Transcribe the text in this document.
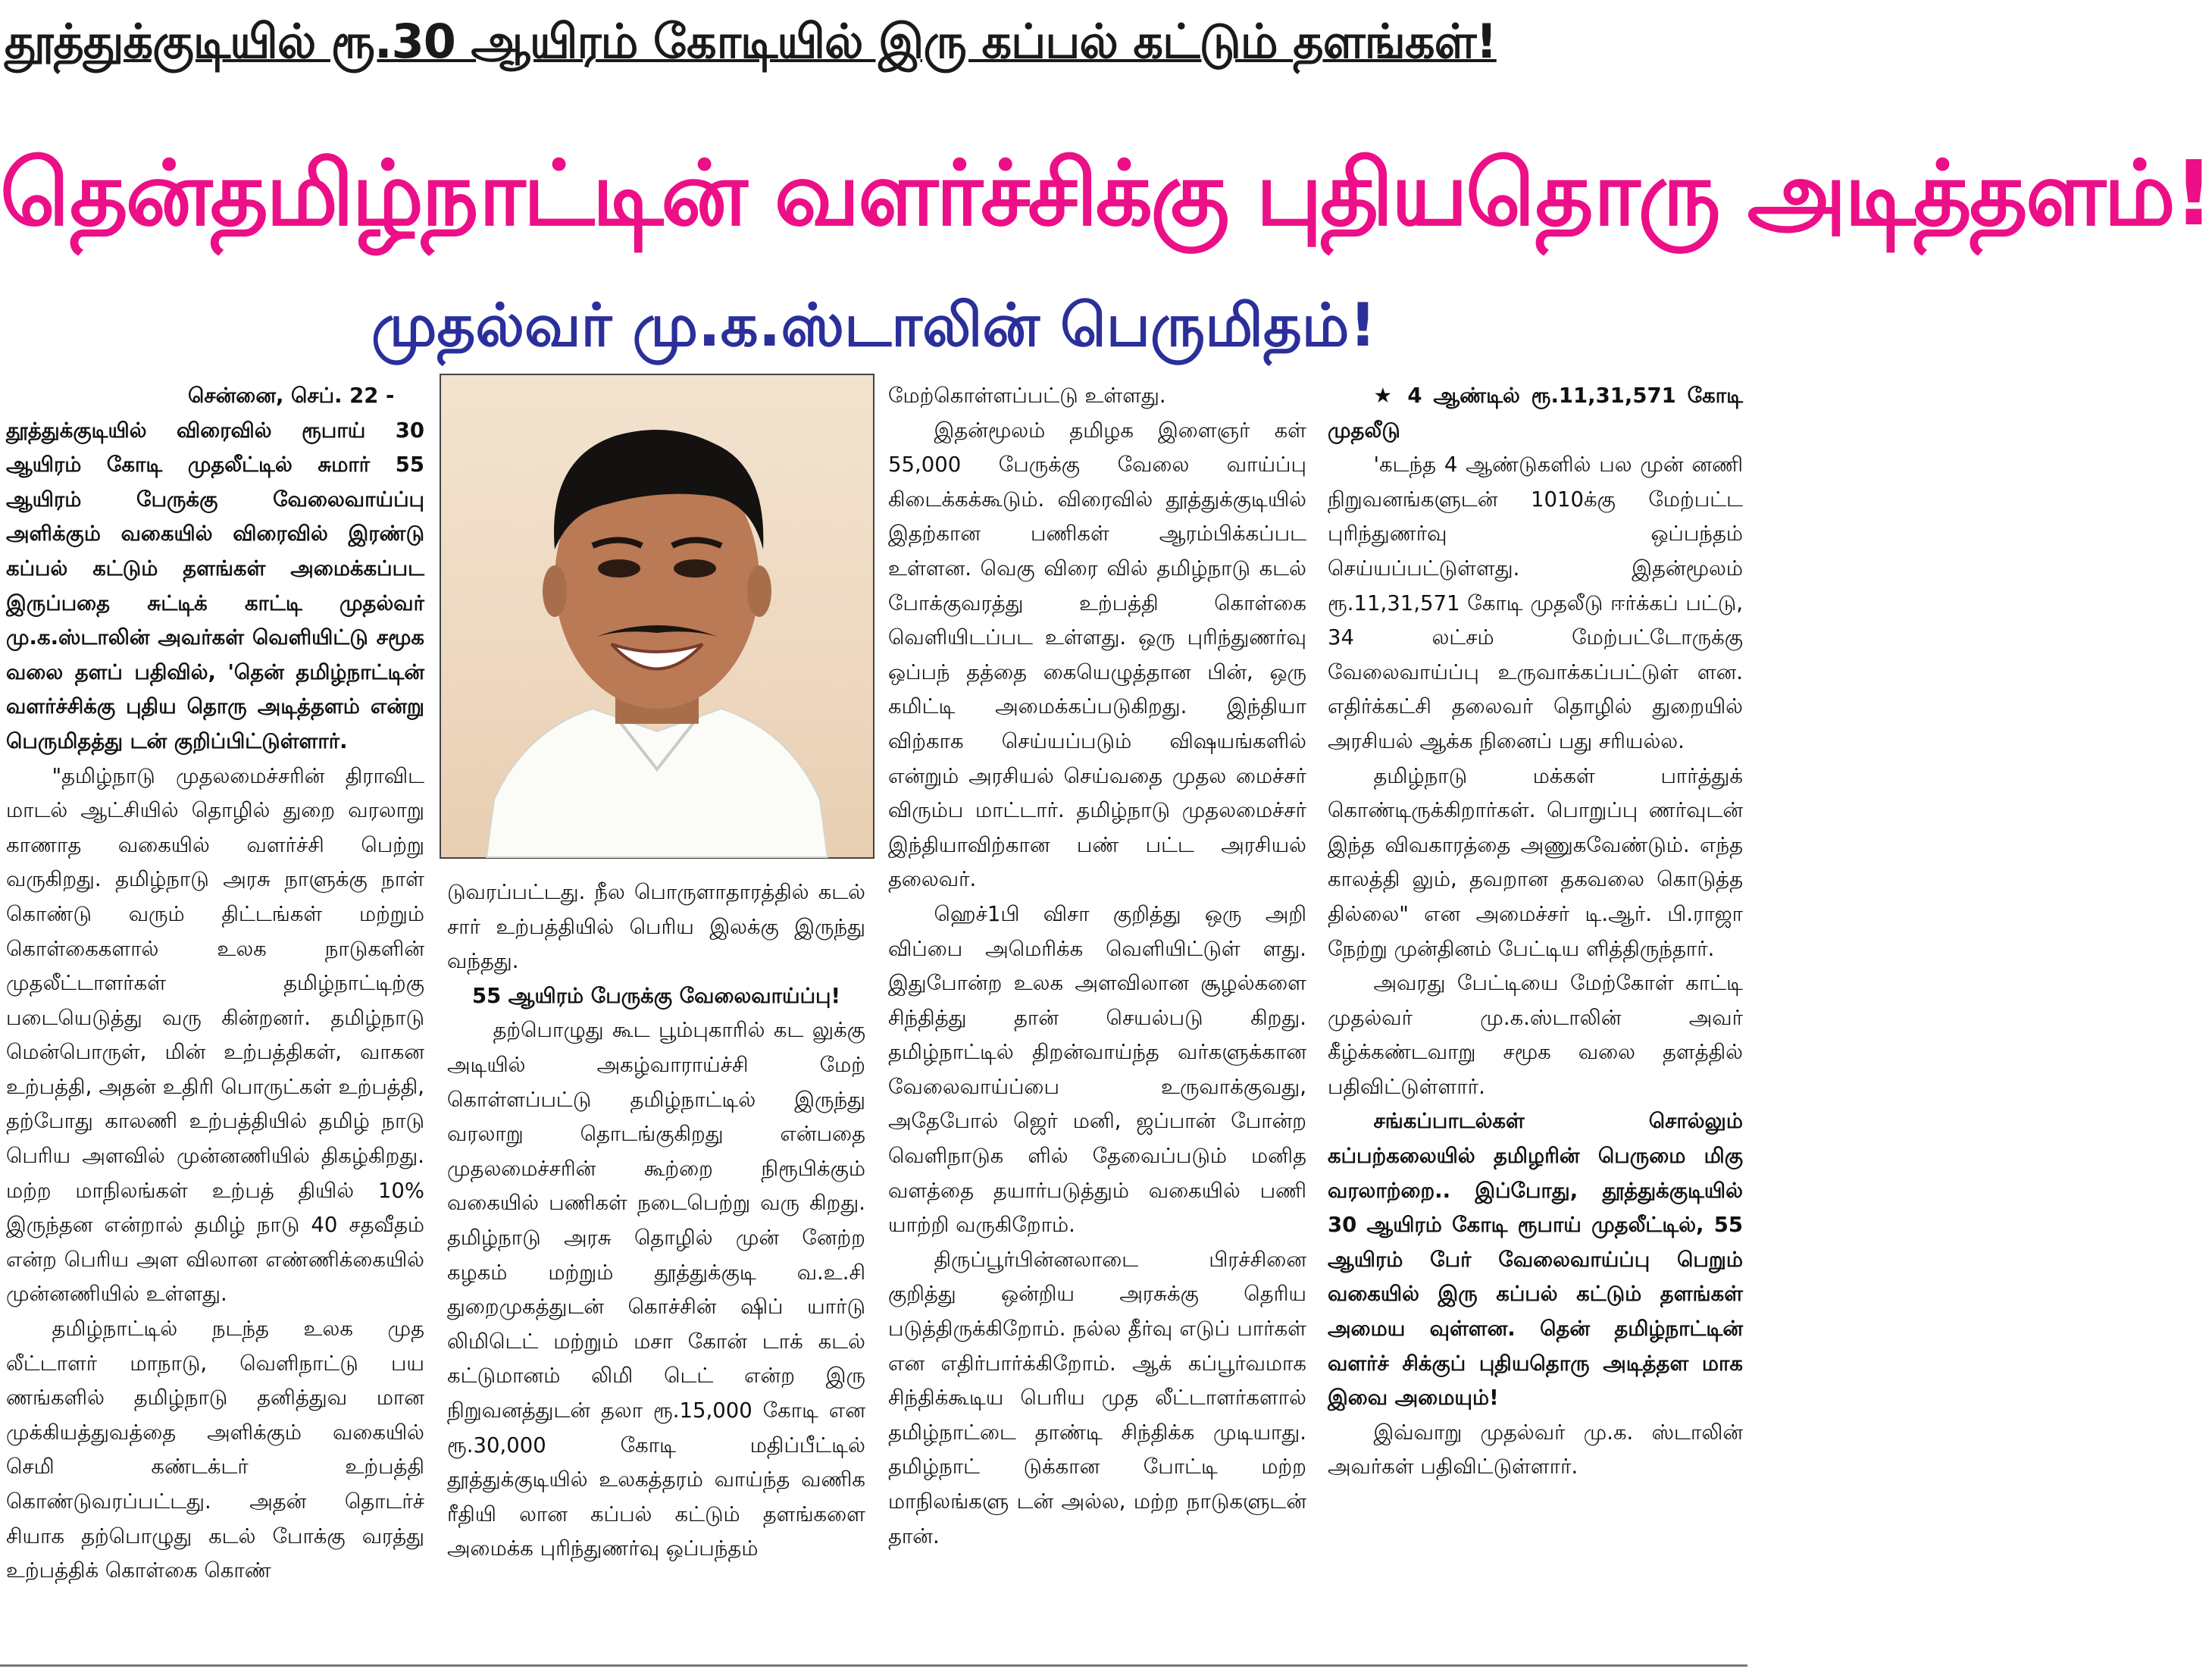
தூத்துக்குடியில் ரூ.30 ஆயிரம் கோடியில் இரு கப்பல் கட்டும் தளங்கள்!
தென்தமிழ்நாட்டின் வளர்ச்சிக்கு புதியதொரு அடித்தளம்!
முதல்வர் மு.க.ஸ்டாலின் பெருமிதம்!

சென்னை, செப். 22 -

தூத்துக்குடியில் விரைவில் ரூபாய் 30 ஆயிரம் கோடி முதலீட்டில் சுமார் 55 ஆயிரம் பேருக்கு வேலைவாய்ப்பு அளிக்கும் வகையில் விரைவில் இரண்டு கப்பல் கட்டும் தளங்கள் அமைக்கப்பட இருப்பதை சுட்டிக் காட்டி முதல்வர் மு.க.ஸ்டாலின் அவர்கள் வெளியிட்டு சமூக வலை தளப் பதிவில், 'தென் தமிழ்நாட்டின் வளர்ச்சிக்கு புதிய தொரு அடித்தளம் என்று பெருமிதத்து டன் குறிப்பிட்டுள்ளார்.

"தமிழ்நாடு முதலமைச்சரின் திராவிட மாடல் ஆட்சியில் தொழில் துறை வரலாறு காணாத வகையில் வளர்ச்சி பெற்று வருகிறது. தமிழ்நாடு அரசு நாளுக்கு நாள் கொண்டு வரும் திட்டங்கள் மற்றும் கொள்கைகளால் உலக நாடுகளின் முதலீட்டாளர்கள் தமிழ்நாட்டிற்கு படையெடுத்து வரு கின்றனர். தமிழ்நாடு மென்பொருள், மின் உற்பத்திகள், வாகன உற்பத்தி, அதன் உதிரி பொருட்கள் உற்பத்தி, தற்போது காலணி உற்பத்தியில் தமிழ் நாடு பெரிய அளவில் முன்னணியில் திகழ்கிறது. மற்ற மாநிலங்கள் உற்பத் தியில் 10% இருந்தன என்றால் தமிழ் நாடு 40 சதவீதம் என்ற பெரிய அள விலான எண்ணிக்கையில் முன்னணியில் உள்ளது.

தமிழ்நாட்டில் நடந்த உலக முத லீட்டாளர் மாநாடு, வெளிநாட்டு பய ணங்களில் தமிழ்நாடு தனித்துவ மான முக்கியத்துவத்தை அளிக்கும் வகையில் செமி கண்டக்டர் உற்பத்தி கொண்டுவரப்பட்டது. அதன் தொடர்ச் சியாக தற்பொழுது கடல் போக்கு வரத்து உற்பத்திக் கொள்கை கொண்

டுவரப்பட்டது. நீல பொருளாதாரத்தில் கடல் சார் உற்பத்தியில் பெரிய இலக்கு இருந்து வந்தது.

55 ஆயிரம் பேருக்கு வேலைவாய்ப்பு!

தற்பொழுது கூட பூம்புகாரில் கட லுக்கு அடியில் அகழ்வாராய்ச்சி மேற் கொள்ளப்பட்டு தமிழ்நாட்டில் இருந்து வரலாறு தொடங்குகிறது என்பதை முதலமைச்சரின் கூற்றை நிரூபிக்கும் வகையில் பணிகள் நடைபெற்று வரு கிறது. தமிழ்நாடு அரசு தொழில் முன் னேற்ற கழகம் மற்றும் தூத்துக்குடி வ.உ.சி துறைமுகத்துடன் கொச்சின் ஷிப் யார்டு லிமிடெட் மற்றும் மசா கோன் டாக் கடல் கட்டுமானம் லிமி டெட் என்ற இரு நிறுவனத்துடன் தலா ரூ.15,000 கோடி என ரூ.30,000 கோடி மதிப்பீட்டில் தூத்துக்குடியில் உலகத்தரம் வாய்ந்த வணிக ரீதியி லான கப்பல் கட்டும் தளங்களை அமைக்க புரிந்துணர்வு ஒப்பந்தம்

மேற்கொள்ளப்பட்டு உள்ளது.

இதன்மூலம் தமிழக இளைஞர் கள் 55,000 பேருக்கு வேலை வாய்ப்பு கிடைக்கக்கூடும். விரைவில் தூத்துக்குடியில் இதற்கான பணிகள் ஆரம்பிக்கப்பட உள்ளன. வெகு விரை வில் தமிழ்நாடு கடல் போக்குவரத்து உற்பத்தி கொள்கை வெளியிடப்பட உள்ளது. ஒரு புரிந்துணர்வு ஒப்பந் தத்தை கையெழுத்தான பின், ஒரு கமிட்டி அமைக்கப்படுகிறது. இந்தியா விற்காக செய்யப்படும் விஷயங்களில் என்றும் அரசியல் செய்வதை முதல மைச்சர் விரும்ப மாட்டார். தமிழ்நாடு முதலமைச்சர் இந்தியாவிற்கான பண் பட்ட அரசியல் தலைவர்.

ஹெச்1பி விசா குறித்து ஒரு அறி விப்பை அமெரிக்க வெளியிட்டுள் ளது. இதுபோன்ற உலக அளவிலான சூழல்களை சிந்தித்து தான் செயல்படு கிறது. தமிழ்நாட்டில் திறன்வாய்ந்த வர்களுக்கான வேலைவாய்ப்பை உருவாக்குவது, அதேபோல் ஜெர் மனி, ஜப்பான் போன்ற வெளிநாடுக ளில் தேவைப்படும் மனித வளத்தை தயார்படுத்தும் வகையில் பணி யாற்றி வருகிறோம்.

திருப்பூர்பின்னலாடை பிரச்சினை குறித்து ஒன்றிய அரசுக்கு தெரிய படுத்திருக்கிறோம். நல்ல தீர்வு எடுப் பார்கள் என எதிர்பார்க்கிறோம். ஆக் கப்பூர்வமாக சிந்திக்கூடிய பெரிய முத லீட்டாளர்களால் தமிழ்நாட்டை தாண்டி சிந்திக்க முடியாது. தமிழ்நாட் டுக்கான போட்டி மற்ற மாநிலங்களு டன் அல்ல, மற்ற நாடுகளுடன் தான்.

★ 4 ஆண்டில் ரூ.11,31,571 கோடி முதலீடு

'கடந்த 4 ஆண்டுகளில் பல முன் னணி நிறுவனங்களுடன் 1010க்கு மேற்பட்ட புரிந்துணர்வு ஒப்பந்தம் செய்யப்பட்டுள்ளது. இதன்மூலம் ரூ.11,31,571 கோடி முதலீடு ஈர்க்கப் பட்டு, 34 லட்சம் மேற்பட்டோருக்கு வேலைவாய்ப்பு உருவாக்கப்பட்டுள் ளன. எதிர்க்கட்சி தலைவர் தொழில் துறையில் அரசியல் ஆக்க நினைப் பது சரியல்ல.

தமிழ்நாடு மக்கள் பார்த்துக் கொண்டிருக்கிறார்கள். பொறுப்பு ணர்வுடன் இந்த விவகாரத்தை அணுகவேண்டும். எந்த காலத்தி லும், தவறான தகவலை கொடுத்த தில்லை" என அமைச்சர் டி.ஆர். பி.ராஜா நேற்று முன்தினம் பேட்டிய ளித்திருந்தார்.

அவரது பேட்டியை மேற்கோள் காட்டி முதல்வர் மு.க.ஸ்டாலின் அவர் கீழ்க்கண்டவாறு சமூக வலை தளத்தில் பதிவிட்டுள்ளார்.

சங்கப்பாடல்கள் சொல்லும் கப்பற்கலையில் தமிழரின் பெருமை மிகு வரலாற்றை.. இப்போது, தூத்துக்குடியில் 30 ஆயிரம் கோடி ரூபாய் முதலீட்டில், 55 ஆயிரம் பேர் வேலைவாய்ப்பு பெறும் வகையில் இரு கப்பல் கட்டும் தளங்கள் அமைய வுள்ளன. தென் தமிழ்நாட்டின் வளர்ச் சிக்குப் புதியதொரு அடித்தள மாக இவை அமையும்!

இவ்வாறு முதல்வர் மு.க. ஸ்டாலின் அவர்கள் பதிவிட்டுள்ளார்.
